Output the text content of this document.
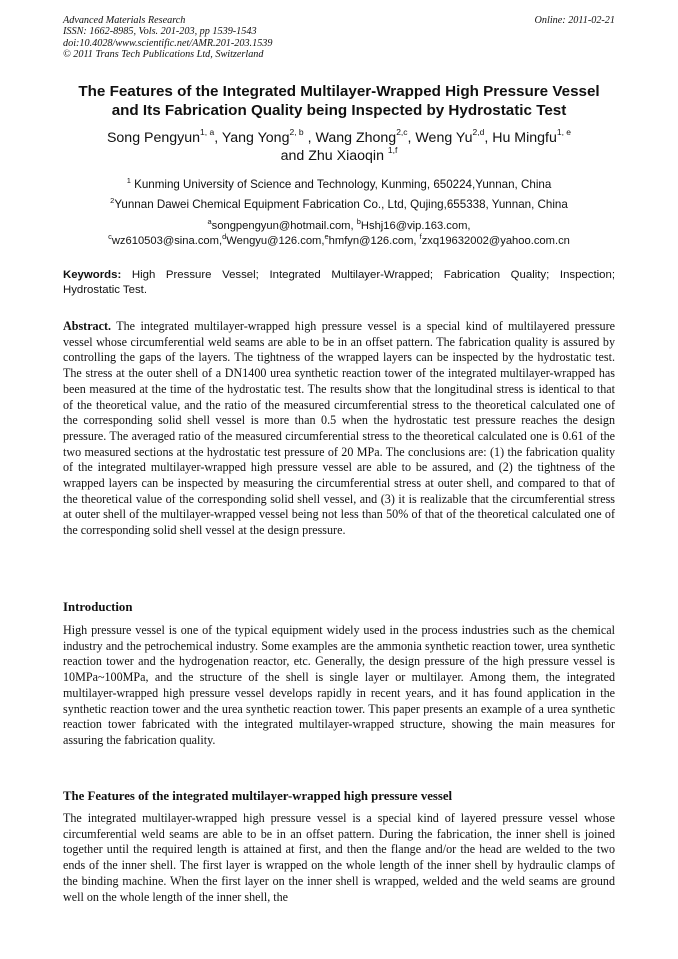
Advanced Materials Research
ISSN: 1662-8985, Vols. 201-203, pp 1539-1543
doi:10.4028/www.scientific.net/AMR.201-203.1539
© 2011 Trans Tech Publications Ltd, Switzerland
Online: 2011-02-21
The Features of the Integrated Multilayer-Wrapped High Pressure Vessel
and Its Fabrication Quality being Inspected by Hydrostatic Test
Song Pengyun$^{1, a}$, Yang Yong$^{2, b}$ , Wang Zhong$^{2,c}$, Weng Yu$^{2,d}$, Hu Mingfu$^{1, e}$
and Zhu Xiaoqin $^{1,f}$
$^1$ Kunming University of Science and Technology, Kunming, 650224,Yunnan, China
$^2$Yunnan Dawei Chemical Equipment Fabrication Co., Ltd, Qujing,655338, Yunnan, China
$^a$songpengyun@hotmail.com, $^b$Hshj16@vip.163.com,
$^c$wz610503@sina.com,$^d$Wengyu@126.com,$^e$hmfyn@126.com, $^f$zxq19632002@yahoo.com.cn
Keywords: High Pressure Vessel; Integrated Multilayer-Wrapped; Fabrication Quality; Inspection; Hydrostatic Test.
Abstract. The integrated multilayer-wrapped high pressure vessel is a special kind of multilayered pressure vessel whose circumferential weld seams are able to be in an offset pattern. The fabrication quality is assured by controlling the gaps of the layers. The tightness of the wrapped layers can be inspected by the hydrostatic test. The stress at the outer shell of a DN1400 urea synthetic reaction tower of the integrated multilayer-wrapped has been measured at the time of the hydrostatic test. The results show that the longitudinal stress is identical to that of the theoretical value, and the ratio of the measured circumferential stress to the theoretical calculated one of the corresponding solid shell vessel is more than 0.5 when the hydrostatic test pressure reaches the design pressure. The averaged ratio of the measured circumferential stress to the theoretical calculated one is 0.61 of the two measured sections at the hydrostatic test pressure of 20 MPa. The conclusions are: (1) the fabrication quality of the integrated multilayer-wrapped high pressure vessel are able to be assured, and (2) the tightness of the wrapped layers can be inspected by measuring the circumferential stress at outer shell, and compared to that of the theoretical value of the corresponding solid shell vessel, and (3) it is realizable that the circumferential stress at outer shell of the multilayer-wrapped vessel being not less than 50% of that of the theoretical calculated one of the corresponding solid shell vessel at the design pressure.
Introduction
High pressure vessel is one of the typical equipment widely used in the process industries such as the chemical industry and the petrochemical industry. Some examples are the ammonia synthetic reaction tower, urea synthetic reaction tower and the hydrogenation reactor, etc. Generally, the design pressure of the high pressure vessel is 10MPa~100MPa, and the structure of the shell is single layer or multilayer. Among them, the integrated multilayer-wrapped high pressure vessel develops rapidly in recent years, and it has found application in the synthetic reaction tower and the urea synthetic reaction tower. This paper presents an example of a urea synthetic reaction tower fabricated with the integrated multilayer-wrapped structure, showing the main measures for assuring the fabrication quality.
The Features of the integrated multilayer-wrapped high pressure vessel
The integrated multilayer-wrapped high pressure vessel is a special kind of layered pressure vessel whose circumferential weld seams are able to be in an offset pattern. During the fabrication, the inner shell is joined together until the required length is attained at first, and then the flange and/or the head are welded to the two ends of the inner shell. The first layer is wrapped on the whole length of the inner shell by hydraulic clamps of the binding machine. When the first layer on the inner shell is wrapped, welded and the weld seams are ground well on the whole length of the inner shell, the
